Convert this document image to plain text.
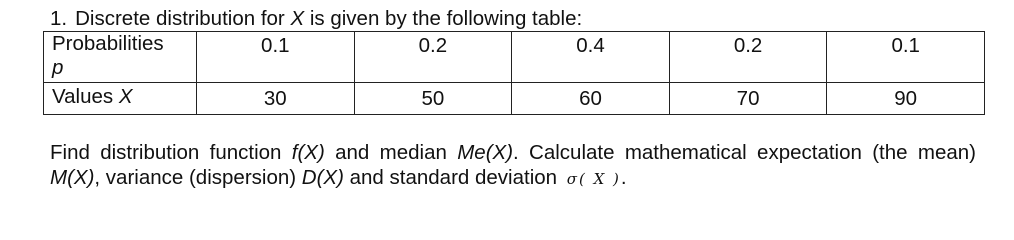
1. Discrete distribution for X is given by the following table:
Probabilities
p	0.1	0.2	0.4	0.2	0.1
Values X	30	50	60	70	90
Find distribution function f(X) and median Me(X). Calculate mathematical expectation (the mean) M(X), variance (dispersion) D(X) and standard deviation σ( X ).
